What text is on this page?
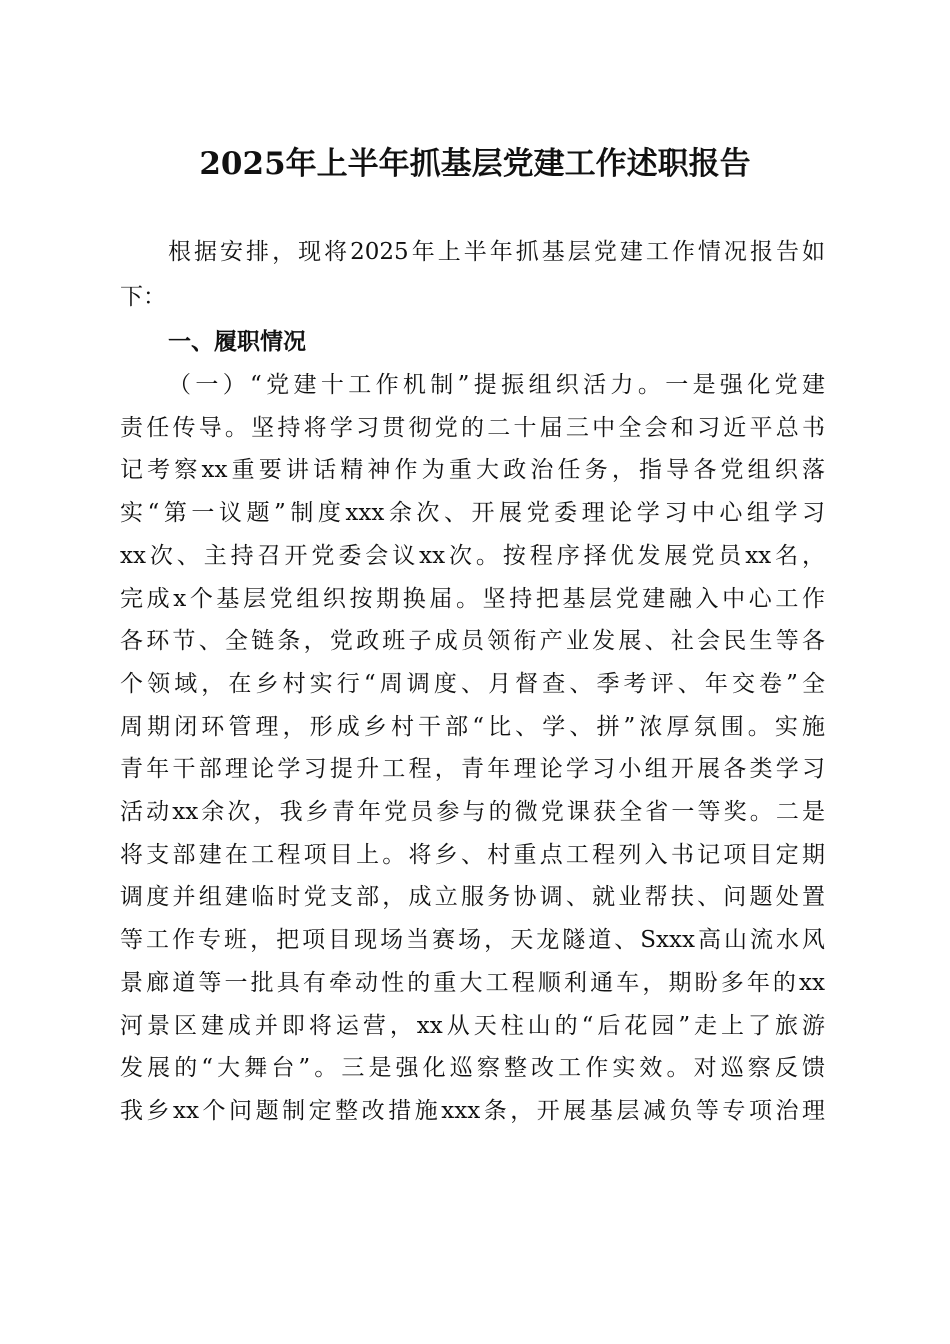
2025年上半年抓基层党建工作述职报告
根据安排，现将2025年上半年抓基层党建工作情况报告如
下：
一、履职情况
（一）“党建十工作机制”提振组织活力。一是强化党建
责任传导。坚持将学习贯彻党的二十届三中全会和习近平总书
记考察xx重要讲话精神作为重大政治任务，指导各党组织落
实“第一议题”制度xxx余次、开展党委理论学习中心组学习
xx次、主持召开党委会议xx次。按程序择优发展党员xx名，
完成x个基层党组织按期换届。坚持把基层党建融入中心工作
各环节、全链条，党政班子成员领衔产业发展、社会民生等各
个领域，在乡村实行“周调度、月督查、季考评、年交卷”全
周期闭环管理，形成乡村干部“比、学、拼”浓厚氛围。实施
青年干部理论学习提升工程，青年理论学习小组开展各类学习
活动xx余次，我乡青年党员参与的微党课获全省一等奖。二是
将支部建在工程项目上。将乡、村重点工程列入书记项目定期
调度并组建临时党支部，成立服务协调、就业帮扶、问题处置
等工作专班，把项目现场当赛场，天龙隧道、Sxxx高山流水风
景廊道等一批具有牵动性的重大工程顺利通车，期盼多年的xx
河景区建成并即将运营，xx从天柱山的“后花园”走上了旅游
发展的“大舞台”。三是强化巡察整改工作实效。对巡察反馈
我乡xx个问题制定整改措施xxx条，开展基层减负等专项治理
